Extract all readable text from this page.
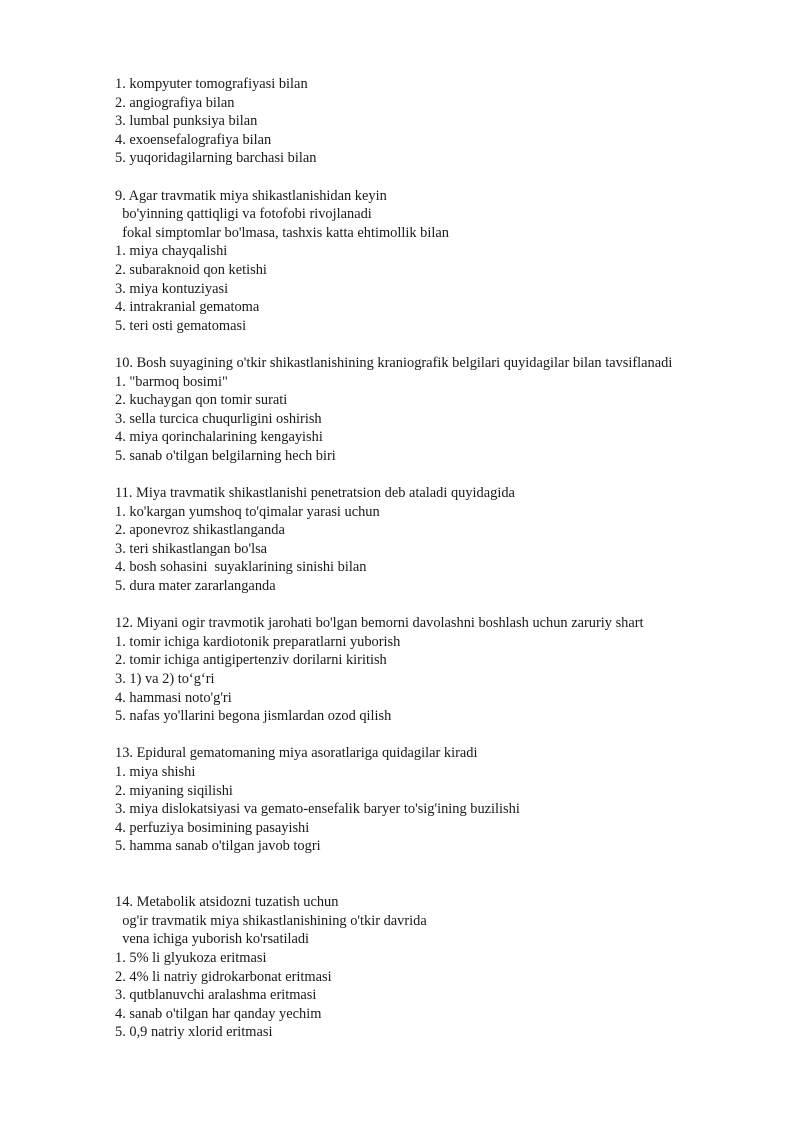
1. kompyuter tomografiyasi bilan

2. angiografiya bilan

3. lumbal punksiya bilan

4. exoensefalografiya bilan

5. yuqoridagilarning barchasi bilan

9. Agar travmatik miya shikastlanishidan keyin

bo'yinning qattiqligi va fotofobi rivojlanadi

fokal simptomlar bo'lmasa, tashxis katta ehtimollik bilan

1. miya chayqalishi

2. subaraknoid qon ketishi

3. miya kontuziyasi

4. intrakranial gematoma

5. teri osti gematomasi

10. Bosh suyagining o'tkir shikastlanishining kraniografik belgilari quyidagilar bilan tavsiflanadi

1. "barmoq bosimi"

2. kuchaygan qon tomir surati

3. sella turcica chuqurligini oshirish

4. miya qorinchalarining kengayishi

5. sanab o'tilgan belgilarning hech biri

11. Miya travmatik shikastlanishi penetratsion deb ataladi quyidagida

1. ko'kargan yumshoq to'qimalar yarasi uchun

2. aponevroz shikastlanganda

3. teri shikastlangan bo'lsa

4. bosh sohasini  suyaklarining sinishi bilan

5. dura mater zararlanganda

12. Miyani ogir travmotik jarohati bo'lgan bemorni davolashni boshlash uchun zaruriy shart

1. tomir ichiga kardiotonik preparatlarni yuborish

2. tomir ichiga antigipertenziv dorilarni kiritish

3. 1) va 2) to‘g‘ri

4. hammasi noto'g'ri

5. nafas yo'llarini begona jismlardan ozod qilish

13. Epidural gematomaning miya asoratlariga quidagilar kiradi

1. miya shishi

2. miyaning siqilishi

3. miya dislokatsiyasi va gemato-ensefalik baryer to'sig'ining buzilishi

4. perfuziya bosimining pasayishi

5. hamma sanab o'tilgan javob togri

14. Metabolik atsidozni tuzatish uchun

og'ir travmatik miya shikastlanishining o'tkir davrida

vena ichiga yuborish ko'rsatiladi

1. 5% li glyukoza eritmasi

2. 4% li natriy gidrokarbonat eritmasi

3. qutblanuvchi aralashma eritmasi

4. sanab o'tilgan har qanday yechim

5. 0,9 natriy xlorid eritmasi
